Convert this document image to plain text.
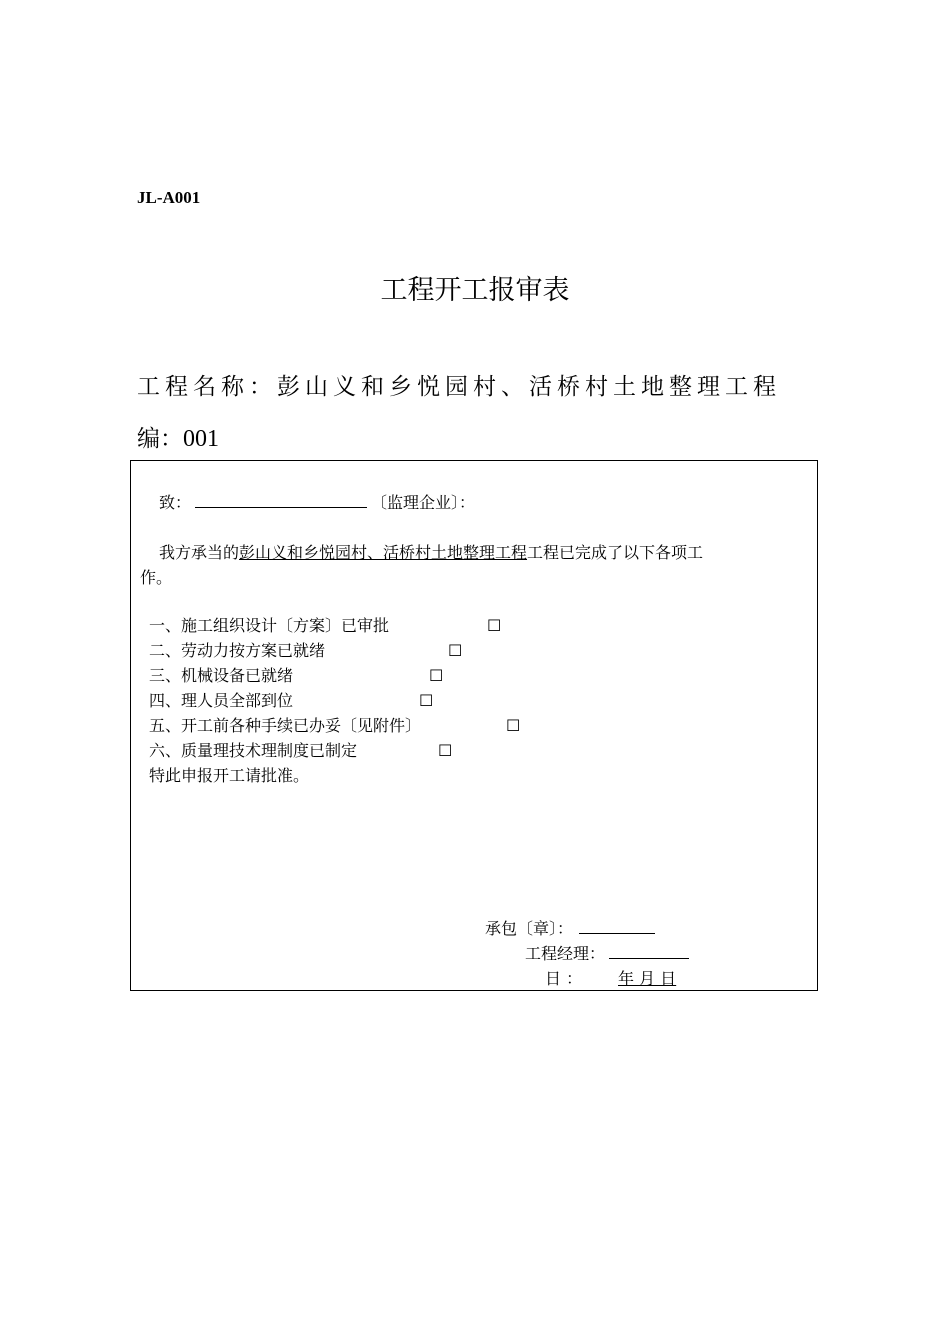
JL-A001
工程开工报审表
工程名称：彭山义和乡悦园村、活桥村土地整理工程
编：001
致：	〔监理企业〕：
我方承当的彭山义和乡悦园村、活桥村土地整理工程工程已完成了以下各项工
作。
一、施工组织设计〔方案〕已审批	☐
二、劳动力按方案已就绪	☐
三、机械设备已就绪	☐
四、理人员全部到位	☐
五、开工前各种手续已办妥〔见附件〕	☐
六、质量理技术理制度已制定	☐
特此申报开工请批准。
承包〔章〕：
工程经理：
日 ： 年 月 日
